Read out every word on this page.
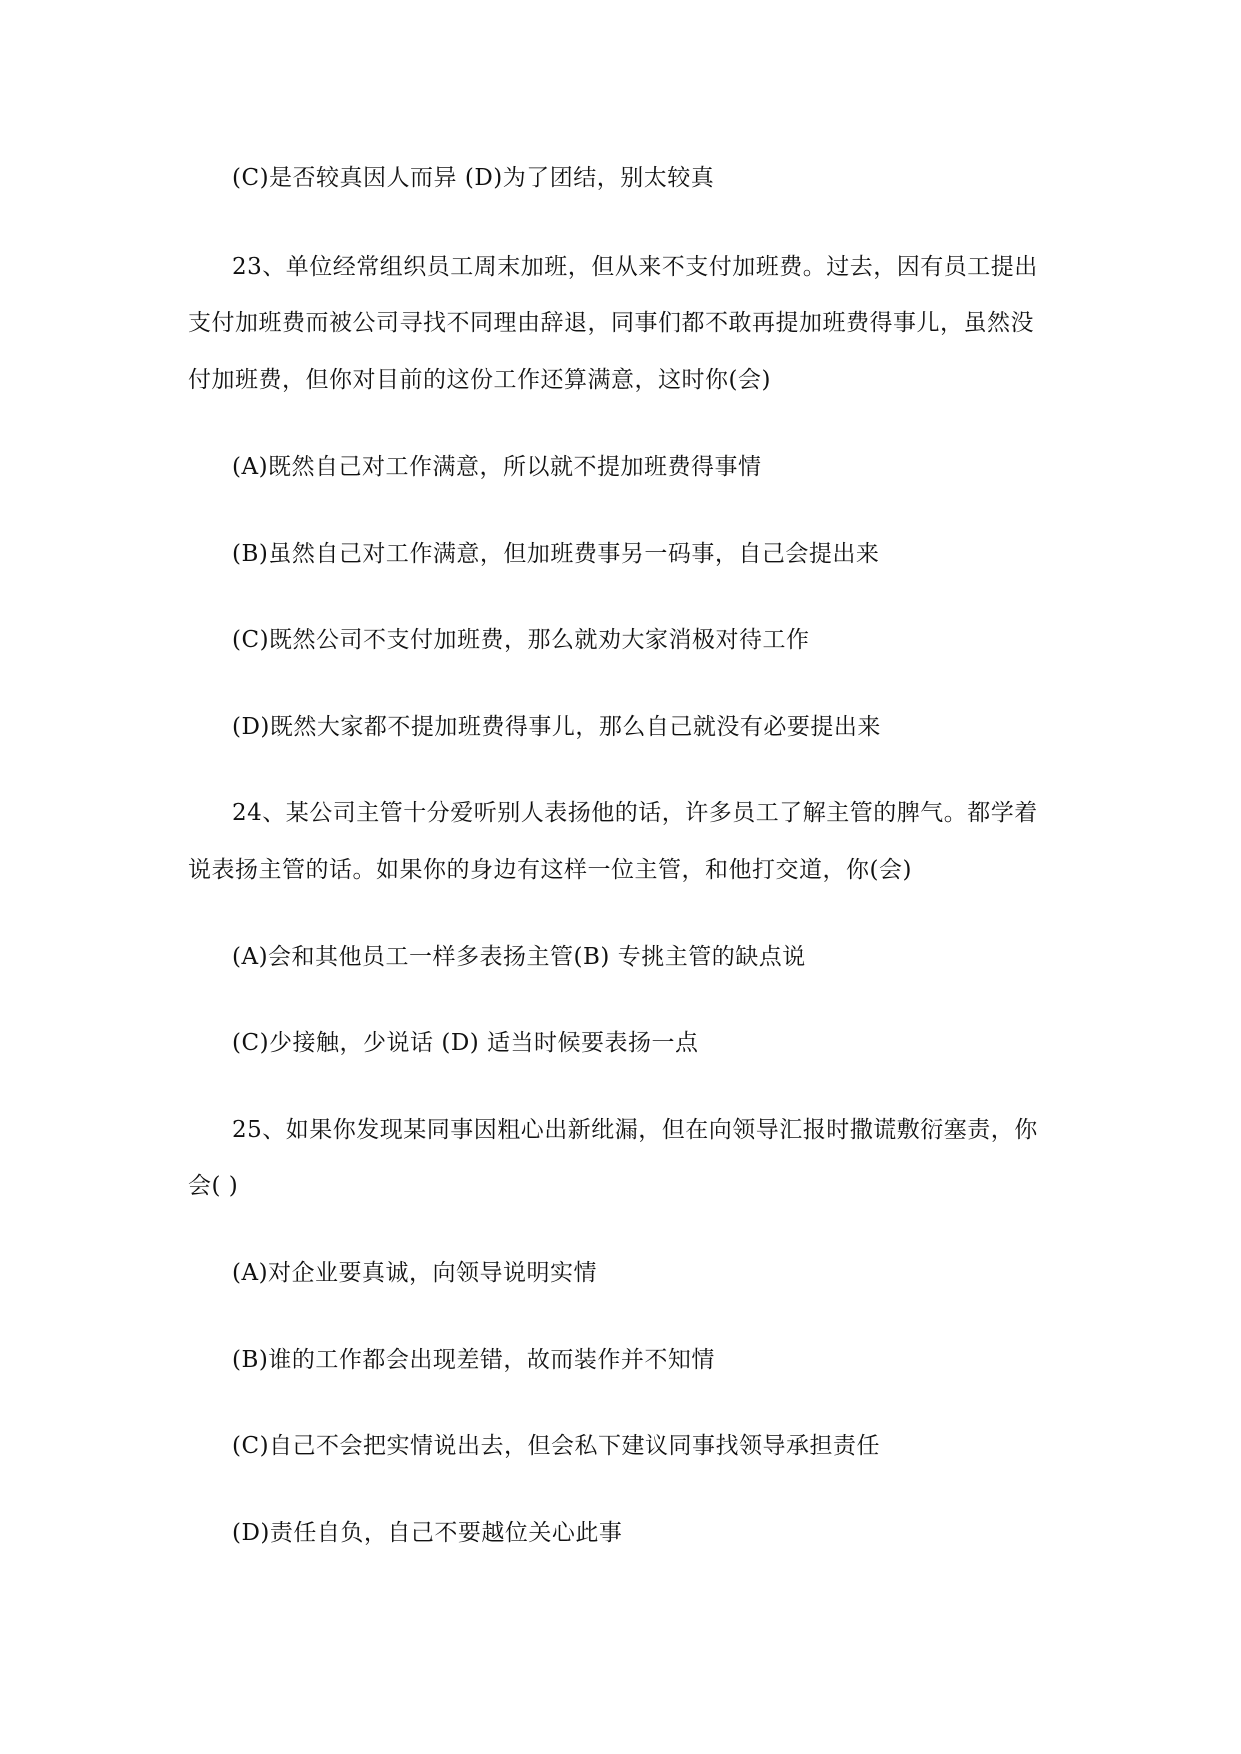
(C)是否较真因人而异 (D)为了团结，别太较真
23、单位经常组织员工周末加班，但从来不支付加班费。过去，因有员工提出
支付加班费而被公司寻找不同理由辞退，同事们都不敢再提加班费得事儿，虽然没
付加班费，但你对目前的这份工作还算满意，这时你(会)
(A)既然自己对工作满意，所以就不提加班费得事情
(B)虽然自己对工作满意，但加班费事另一码事，自己会提出来
(C)既然公司不支付加班费，那么就劝大家消极对待工作
(D)既然大家都不提加班费得事儿，那么自己就没有必要提出来
24、某公司主管十分爱听别人表扬他的话，许多员工了解主管的脾气。都学着
说表扬主管的话。如果你的身边有这样一位主管，和他打交道，你(会)
(A)会和其他员工一样多表扬主管(B) 专挑主管的缺点说
(C)少接触，少说话 (D) 适当时候要表扬一点
25、如果你发现某同事因粗心出新纰漏，但在向领导汇报时撒谎敷衍塞责，你
会( )
(A)对企业要真诚，向领导说明实情
(B)谁的工作都会出现差错，故而装作并不知情
(C)自己不会把实情说出去，但会私下建议同事找领导承担责任
(D)责任自负，自己不要越位关心此事
